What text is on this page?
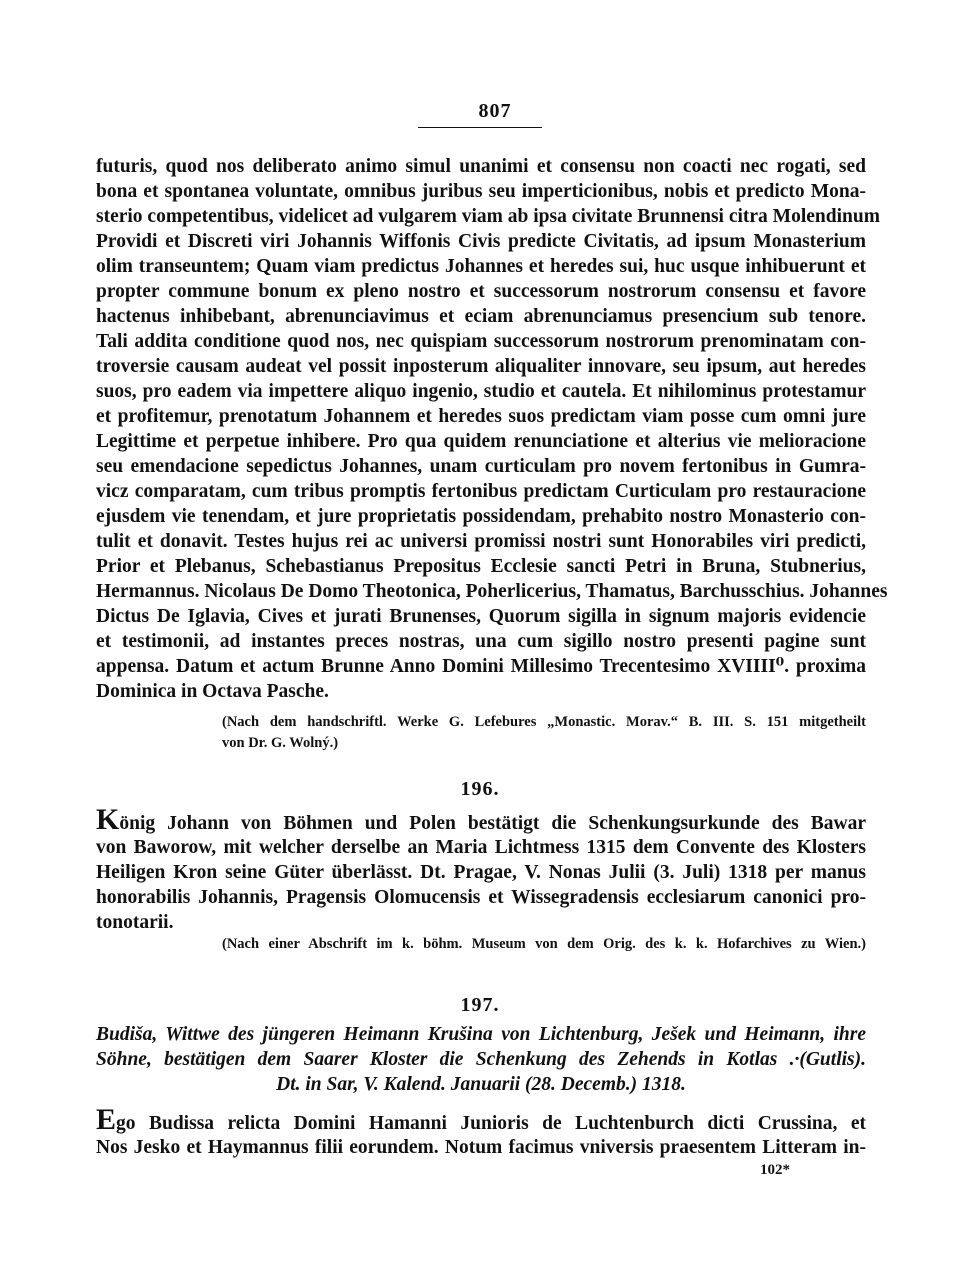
807
futuris, quod nos deliberato animo simul unanimi et consensu non coacti nec rogati, sed
bona et spontanea voluntate, omnibus juribus seu imperticionibus, nobis et predicto Mona-
sterio competentibus, videlicet ad vulgarem viam ab ipsa civitate Brunnensi citra Molendinum
Providi et Discreti viri Johannis Wiffonis Civis predicte Civitatis, ad ipsum Monasterium
olim transeuntem; Quam viam predictus Johannes et heredes sui, huc usque inhibuerunt et
propter commune bonum ex pleno nostro et successorum nostrorum consensu et favore
hactenus inhibebant, abrenunciavimus et eciam abrenunciamus presencium sub tenore.
Tali addita conditione quod nos, nec quispiam successorum nostrorum prenominatam con-
troversie causam audeat vel possit inposterum aliqualiter innovare, seu ipsum, aut heredes
suos, pro eadem via impettere aliquo ingenio, studio et cautela. Et nihilominus protestamur
et profitemur, prenotatum Johannem et heredes suos predictam viam posse cum omni jure
Legittime et perpetue inhibere. Pro qua quidem renunciatione et alterius vie melioracione
seu emendacione sepedictus Johannes, unam curticulam pro novem fertonibus in Gumra-
vicz comparatam, cum tribus promptis fertonibus predictam Curticulam pro restauracione
ejusdem vie tenendam, et jure proprietatis possidendam, prehabito nostro Monasterio con-
tulit et donavit. Testes hujus rei ac universi promissi nostri sunt Honorabiles viri predicti,
Prior et Plebanus, Schebastianus Prepositus Ecclesie sancti Petri in Bruna, Stubnerius,
Hermannus. Nicolaus De Domo Theotonica, Poherlicerius, Thamatus, Barchusschius. Johannes
Dictus De Iglavia, Cives et jurati Brunenses, Quorum sigilla in signum majoris evidencie
et testimonii, ad instantes preces nostras, una cum sigillo nostro presenti pagine sunt
appensa. Datum et actum Brunne Anno Domini Millesimo Trecentesimo XVIIII⁰. proxima
Dominica in Octava Pasche.
(Nach dem handschriftl. Werke G. Lefebures „Monastic. Morav.“ B. III. S. 151 mitgetheilt
von Dr. G. Wolný.)
196.
König Johann von Böhmen und Polen bestätigt die Schenkungsurkunde des Bawar
von Baworow, mit welcher derselbe an Maria Lichtmess 1315 dem Convente des Klosters
Heiligen Kron seine Güter überlässt. Dt. Pragae, V. Nonas Julii (3. Juli) 1318 per manus
honorabilis Johannis, Pragensis Olomucensis et Wissegradensis ecclesiarum canonici pro-
tonotarii.
(Nach einer Abschrift im k. böhm. Museum von dem Orig. des k. k. Hofarchives zu Wien.)
197.
Budiša, Wittwe des jüngeren Heimann Krušina von Lichtenburg, Ješek und Heimann, ihre
Söhne, bestätigen dem Saarer Kloster die Schenkung des Zehends in Kotlas .·(Gutlis).
Dt. in Sar, V. Kalend. Januarii (28. Decemb.) 1318.
Ego Budissa relicta Domini Hamanni Junioris de Luchtenburch dicti Crussina, et
Nos Jesko et Haymannus filii eorundem. Notum facimus vniversis praesentem Litteram in-
102*
